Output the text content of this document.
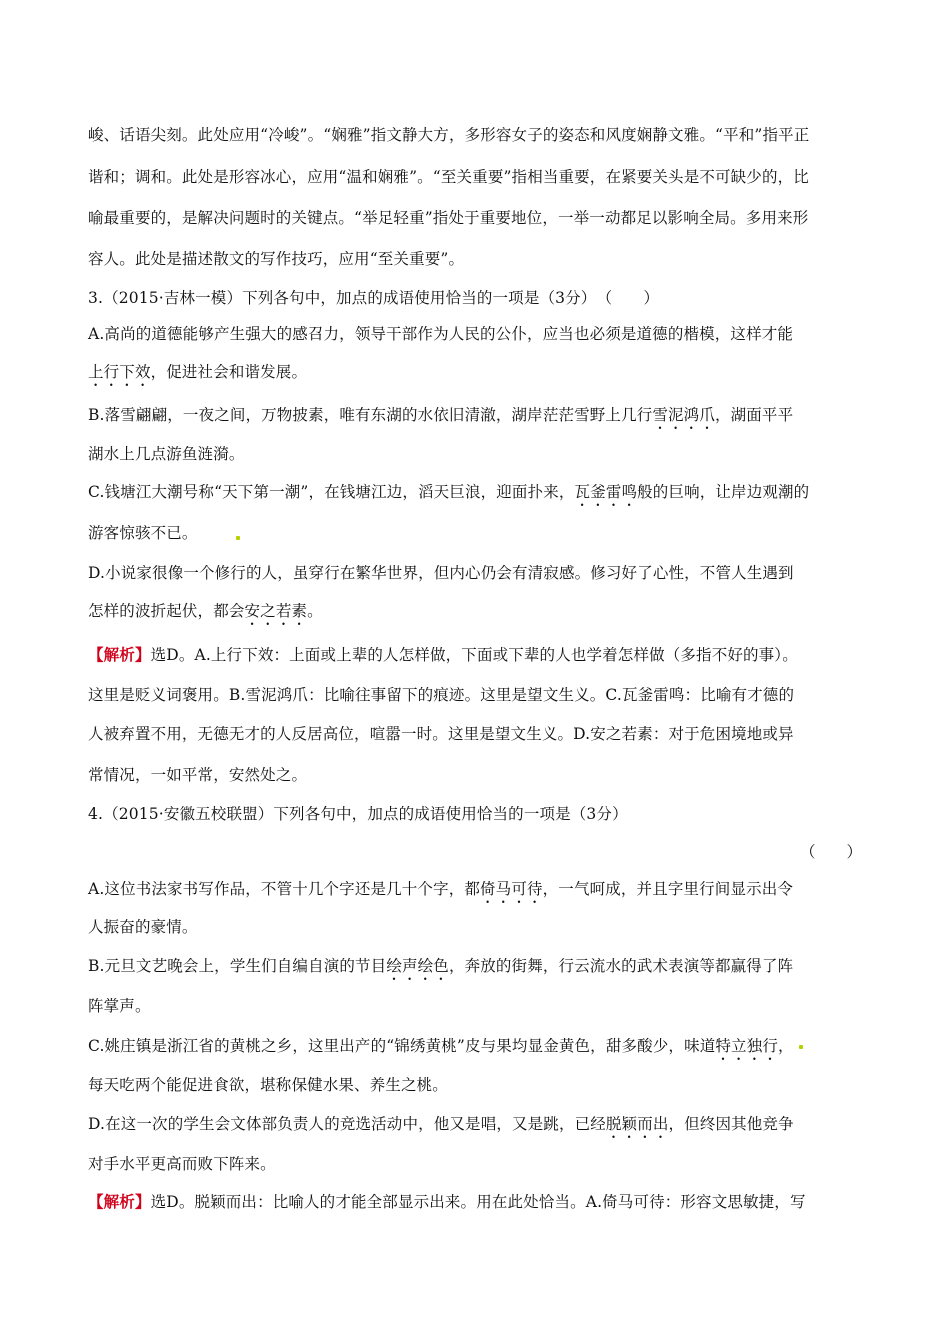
峻、话语尖刻。此处应用“冷峻”。“娴雅”指文静大方，多形容女子的姿态和风度娴静文雅。“平和”指平正
谐和；调和。此处是形容冰心，应用“温和娴雅”。“至关重要”指相当重要，在紧要关头是不可缺少的，比
喻最重要的，是解决问题时的关键点。“举足轻重”指处于重要地位，一举一动都足以影响全局。多用来形
容人。此处是描述散文的写作技巧，应用“至关重要”。
3.（2015·吉林一模）下列各句中，加点的成语使用恰当的一项是（3分）　（　　）
A.高尚的道德能够产生强大的感召力，领导干部作为人民的公仆，应当也必须是道德的楷模，这样才能
上行下效，促进社会和谐发展。
B.落雪翩翩，一夜之间，万物披素，唯有东湖的水依旧清澈，湖岸茫茫雪野上几行雪泥鸿爪，湖面平平
湖水上几点游鱼涟漪。
C.钱塘江大潮号称“天下第一潮”，在钱塘江边，滔天巨浪，迎面扑来，瓦釜雷鸣般的巨响，让岸边观潮的
游客惊骇不已。
D.小说家很像一个修行的人，虽穿行在繁华世界，但内心仍会有清寂感。修习好了心性，不管人生遇到
怎样的波折起伏，都会安之若素。
【解析】选D。A.上行下效：上面或上辈的人怎样做，下面或下辈的人也学着怎样做（多指不好的事）。
这里是贬义词褒用。B.雪泥鸿爪：比喻往事留下的痕迹。这里是望文生义。C.瓦釜雷鸣：比喻有才德的
人被弃置不用，无德无才的人反居高位，喧嚣一时。这里是望文生义。D.安之若素：对于危困境地或异
常情况，一如平常，安然处之。
4.（2015·安徽五校联盟）下列各句中，加点的成语使用恰当的一项是（3分）
（　　）
A.这位书法家书写作品，不管十几个字还是几十个字，都倚马可待，一气呵成，并且字里行间显示出令
人振奋的豪情。
B.元旦文艺晚会上，学生们自编自演的节目绘声绘色，奔放的街舞，行云流水的武术表演等都赢得了阵
阵掌声。
C.姚庄镇是浙江省的黄桃之乡，这里出产的“锦绣黄桃”皮与果均显金黄色，甜多酸少，味道特立独行，
每天吃两个能促进食欲，堪称保健水果、养生之桃。
D.在这一次的学生会文体部负责人的竞选活动中，他又是唱，又是跳，已经脱颖而出，但终因其他竞争
对手水平更高而败下阵来。
【解析】选D。脱颖而出：比喻人的才能全部显示出来。用在此处恰当。A.倚马可待：形容文思敏捷，写
